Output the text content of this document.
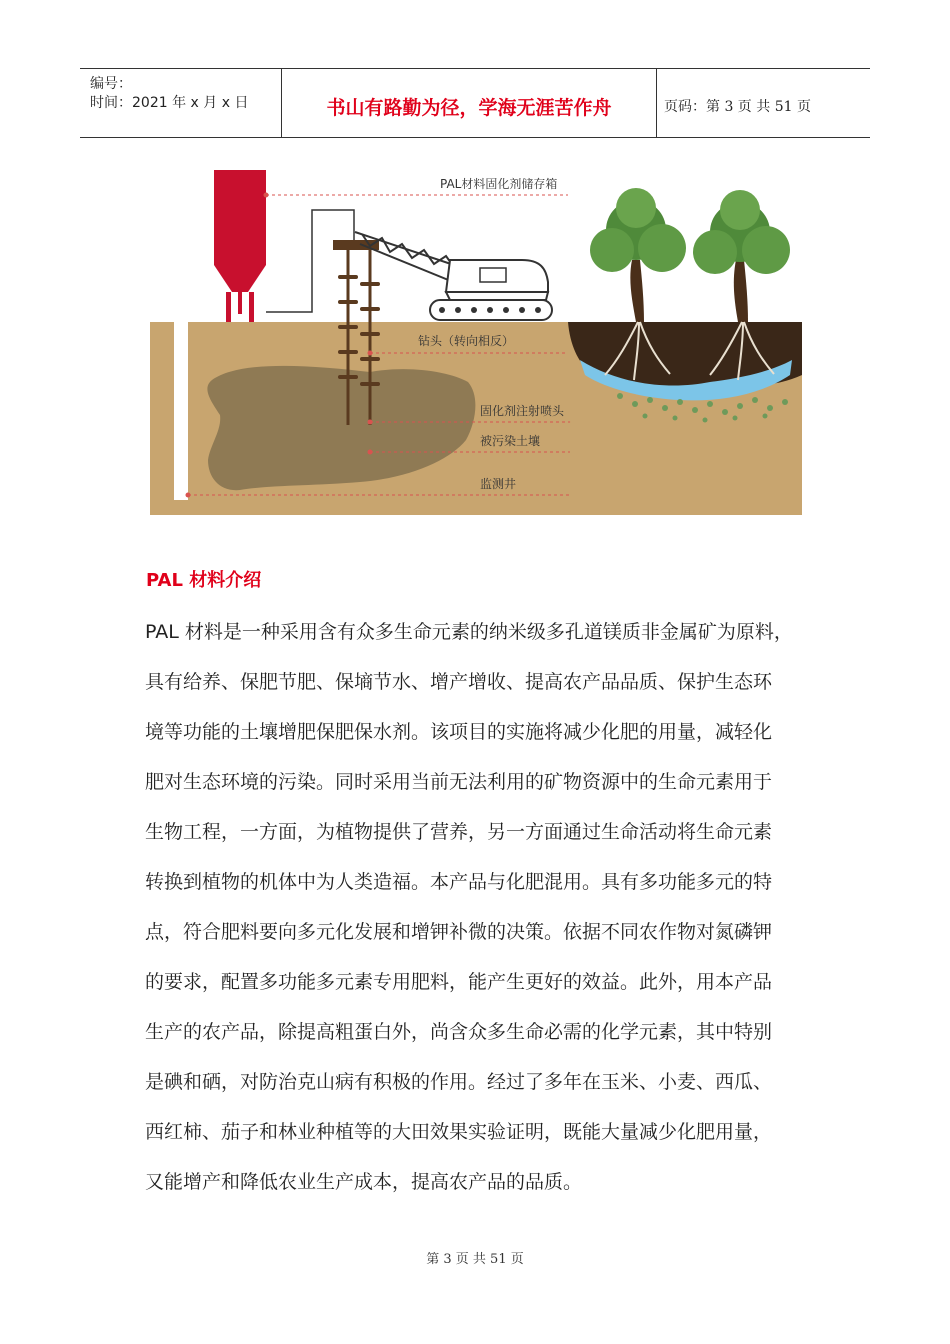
编号：
时间：2021 年 x 月 x 日	书山有路勤为径，学海无涯苦作舟	页码：第 3 页 共 51 页
PAL材料固化剂储存箱
钻头（转向相反）
固化剂注射喷头
被污染土壤
监测井
PAL 材料介绍
PAL 材料是一种采用含有众多生命元素的纳米级多孔道镁质非金属矿为原料，
具有给养、保肥节肥、保墒节水、增产增收、提高农产品品质、保护生态环
境等功能的土壤增肥保肥保水剂。该项目的实施将减少化肥的用量，减轻化
肥对生态环境的污染。同时采用当前无法利用的矿物资源中的生命元素用于
生物工程，一方面，为植物提供了营养，另一方面通过生命活动将生命元素
转换到植物的机体中为人类造福。本产品与化肥混用。具有多功能多元的特
点，符合肥料要向多元化发展和增钾补微的决策。依据不同农作物对氮磷钾
的要求，配置多功能多元素专用肥料，能产生更好的效益。此外，用本产品
生产的农产品，除提高粗蛋白外，尚含众多生命必需的化学元素，其中特别
是碘和硒，对防治克山病有积极的作用。经过了多年在玉米、小麦、西瓜、
西红柿、茄子和林业种植等的大田效果实验证明，既能大量减少化肥用量，
又能增产和降低农业生产成本，提高农产品的品质。
第 3 页 共 51 页
